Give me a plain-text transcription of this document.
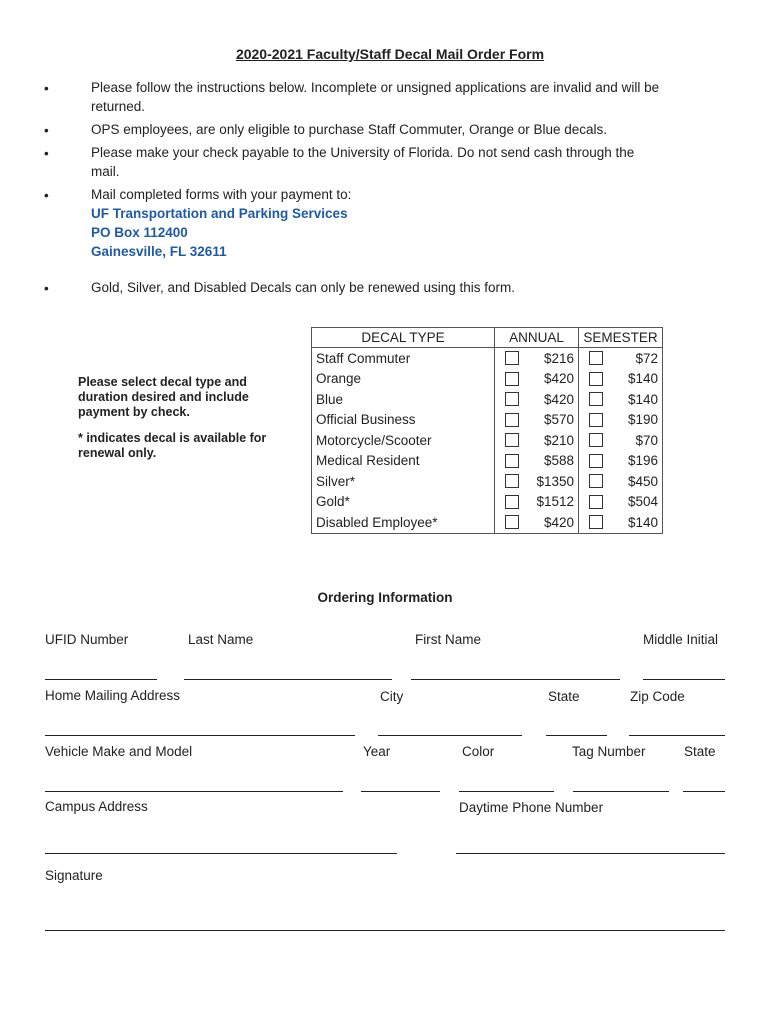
2020-2021 Faculty/Staff Decal Mail Order Form
•	Please follow the instructions below. Incomplete or unsigned applications are invalid and will be returned.
•	OPS employees, are only eligible to purchase Staff Commuter, Orange or Blue decals.
•	Please make your check payable to the University of Florida. Do not send cash through the mail.
•	Mail completed forms with your payment to:
UF Transportation and Parking Services
PO Box 112400
Gainesville, FL 32611
•	Gold, Silver, and Disabled Decals can only be renewed using this form.
Please select decal type and duration desired and include payment by check.
* indicates decal is available for renewal only.
DECAL TYPE	ANNUAL	SEMESTER
Staff Commuter	$216	$72

Orange	$420	$140

Blue	$420	$140

Official Business	$570	$190

Motorcycle/Scooter	$210	$70

Medical Resident	$588	$196

Silver*	$1350	$450

Gold*	$1512	$504

Disabled Employee*	$420	$140
Ordering Information
UFID Number	Last Name	First Name	Middle Initial
Home Mailing Address	City	State	Zip Code
Vehicle Make and Model	Year	Color	Tag Number	State
Campus Address	Daytime Phone Number
Signature
